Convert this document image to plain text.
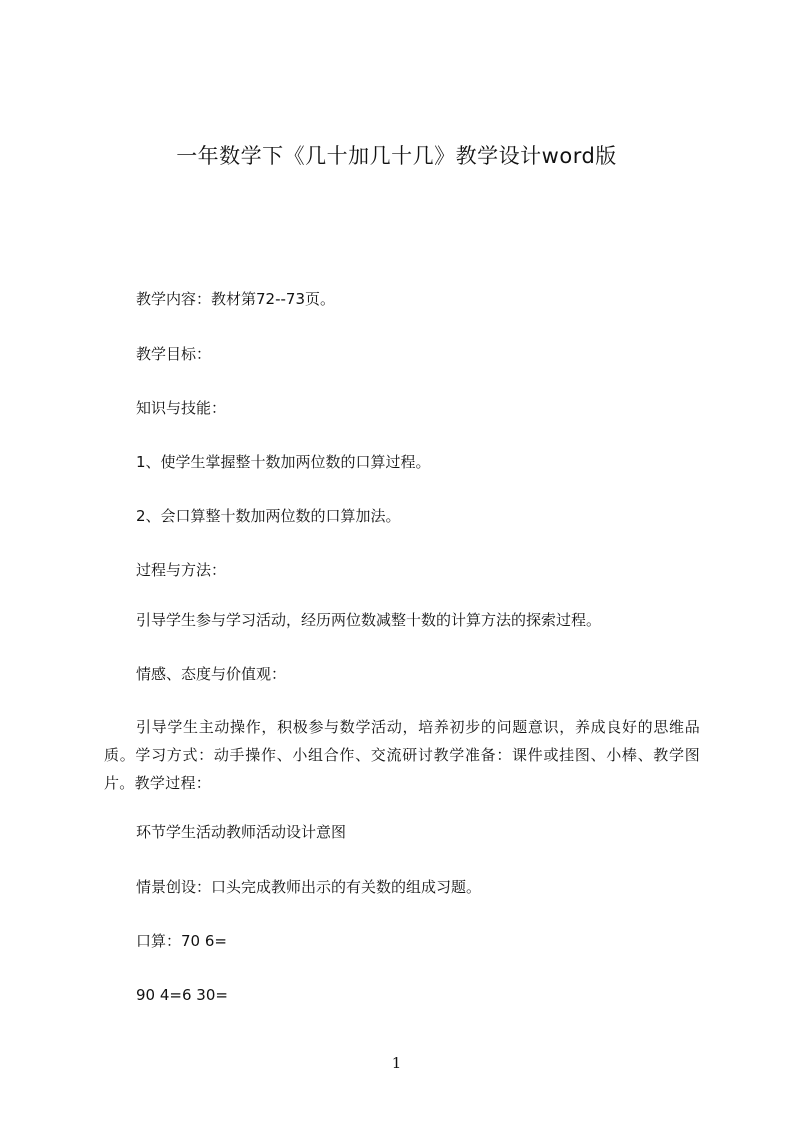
一年数学下《几十加几十几》教学设计word版
教学内容：教材第72--73页。
教学目标：
知识与技能：
1、使学生掌握整十数加两位数的口算过程。
2、会口算整十数加两位数的口算加法。
过程与方法：
引导学生参与学习活动，经历两位数减整十数的计算方法的探索过程。
情感、态度与价值观：
引导学生主动操作，积极参与数学活动，培养初步的问题意识，养成良好的思维品质。学习方式：动手操作、小组合作、交流研讨教学准备：课件或挂图、小棒、教学图片。教学过程：
环节学生活动教师活动设计意图
情景创设：口头完成教师出示的有关数的组成习题。
口算：70 6=
90 4=6 30=
1
